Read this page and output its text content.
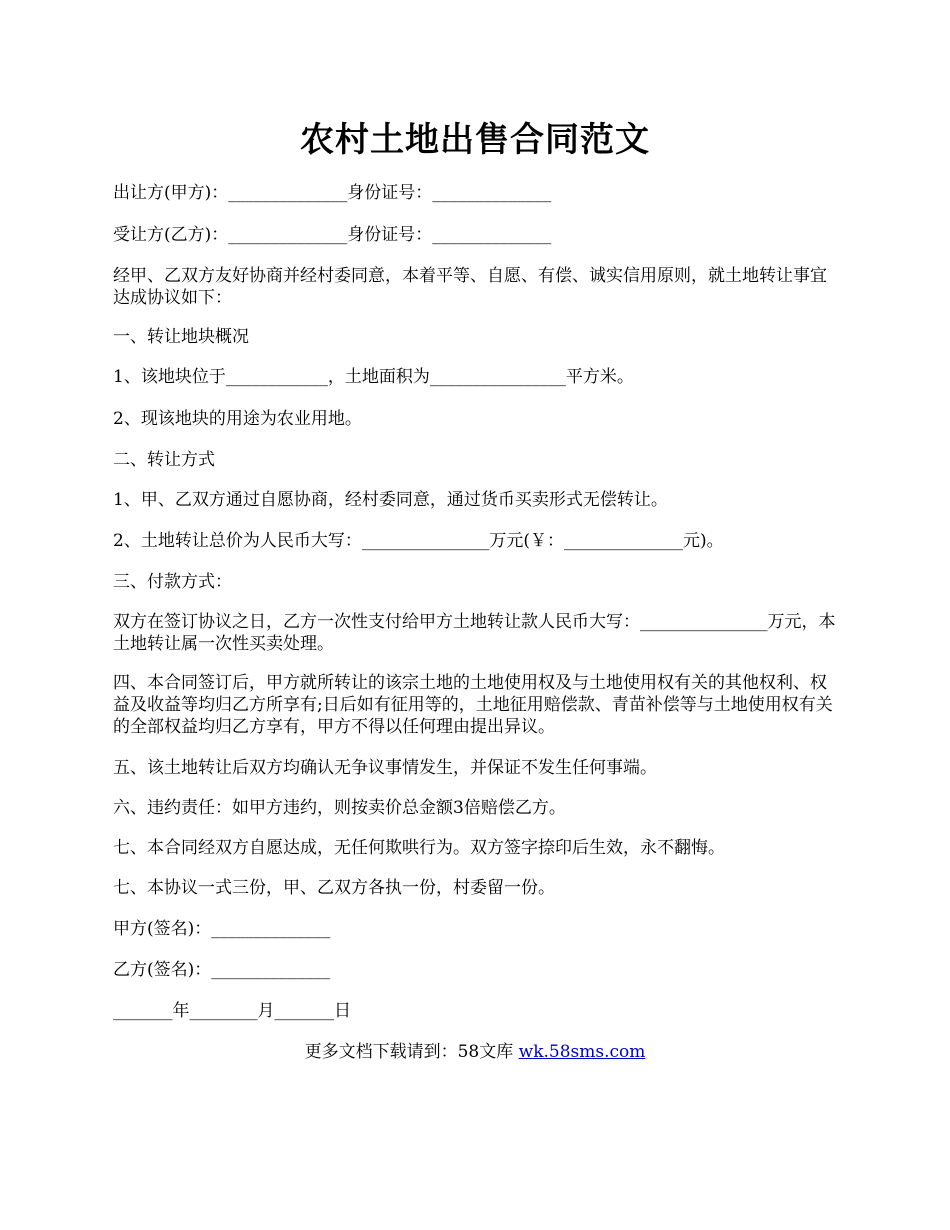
农村土地出售合同范文
出让方(甲方)：______________身份证号：______________
受让方(乙方)：______________身份证号：______________
经甲、乙双方友好协商并经村委同意，本着平等、自愿、有偿、诚实信用原则，就土地转让事宜达成协议如下：
一、转让地块概况
1、该地块位于____________，土地面积为________________平方米。
2、现该地块的用途为农业用地。
二、转让方式
1、甲、乙双方通过自愿协商，经村委同意，通过货币买卖形式无偿转让。
2、土地转让总价为人民币大写：_______________万元(￥：______________元)。
三、付款方式：
双方在签订协议之日，乙方一次性支付给甲方土地转让款人民币大写：_______________万元，本土地转让属一次性买卖处理。
四、本合同签订后，甲方就所转让的该宗土地的土地使用权及与土地使用权有关的其他权利、权益及收益等均归乙方所享有;日后如有征用等的，土地征用赔偿款、青苗补偿等与土地使用权有关的全部权益均归乙方享有，甲方不得以任何理由提出异议。
五、该土地转让后双方均确认无争议事情发生，并保证不发生任何事端。
六、违约责任：如甲方违约，则按卖价总金额3倍赔偿乙方。
七、本合同经双方自愿达成，无任何欺哄行为。双方签字捺印后生效，永不翻悔。
七、本协议一式三份，甲、乙双方各执一份，村委留一份。
甲方(签名)：______________
乙方(签名)：______________
_______年________月_______日
更多文档下载请到：58文库 wk.58sms.com
